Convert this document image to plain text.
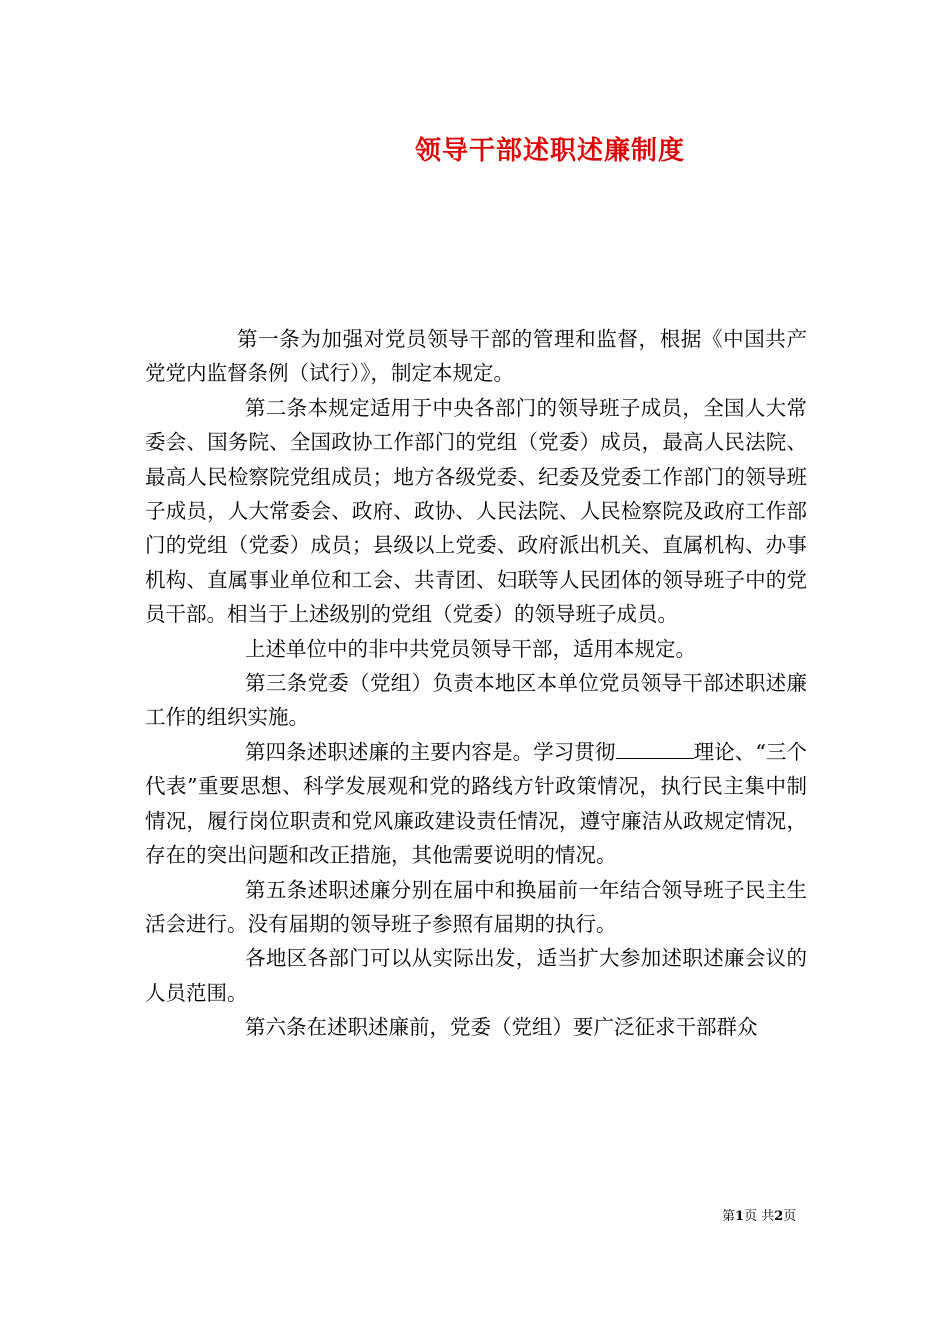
领导干部述职述廉制度

第一条为加强对党员领导干部的管理和监督，根据《中国共产党党内监督条例（试行）》，制定本规定。

第二条本规定适用于中央各部门的领导班子成员，全国人大常委会、国务院、全国政协工作部门的党组（党委）成员，最高人民法院、最高人民检察院党组成员；地方各级党委、纪委及党委工作部门的领导班子成员，人大常委会、政府、政协、人民法院、人民检察院及政府工作部门的党组（党委）成员；县级以上党委、政府派出机关、直属机构、办事机构、直属事业单位和工会、共青团、妇联等人民团体的领导班子中的党员干部。相当于上述级别的党组（党委）的领导班子成员。

上述单位中的非中共党员领导干部，适用本规定。

第三条党委（党组）负责本地区本单位党员领导干部述职述廉工作的组织实施。

第四条述职述廉的主要内容是。学习贯彻	理论、“三个代表”重要思想、科学发展观和党的路线方针政策情况，执行民主集中制情况，履行岗位职责和党风廉政建设责任情况，遵守廉洁从政规定情况，存在的突出问题和改正措施，其他需要说明的情况。

第五条述职述廉分别在届中和换届前一年结合领导班子民主生活会进行。没有届期的领导班子参照有届期的执行。

各地区各部门可以从实际出发，适当扩大参加述职述廉会议的人员范围。

第六条在述职述廉前，党委（党组）要广泛征求干部群众

第1页 共2页
